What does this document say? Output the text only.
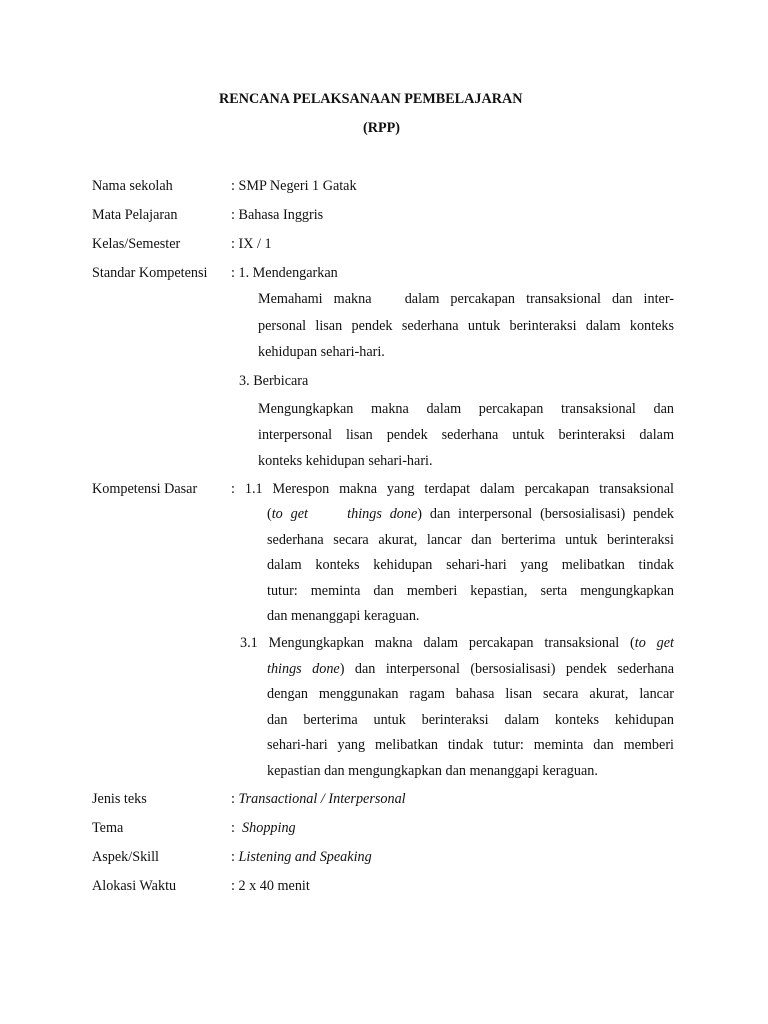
RENCANA PELAKSANAAN PEMBELAJARAN
(RPP)
Nama sekolah	: SMP Negeri 1 Gatak
Mata Pelajaran	: Bahasa Inggris
Kelas/Semester	: IX / 1
Standar Kompetensi : 1. Mendengarkan
Memahami makna   dalam percakapan transaksional dan inter-
personal lisan pendek sederhana untuk berinteraksi dalam konteks
kehidupan sehari-hari.
3. Berbicara
Mengungkapkan makna dalam percakapan transaksional dan
interpersonal lisan pendek sederhana untuk berinteraksi dalam
konteks kehidupan sehari-hari.
Kompetensi Dasar : 1.1 Merespon makna yang terdapat dalam percakapan transaksional
(to get	things done) dan interpersonal (bersosialisasi) pendek
sederhana secara akurat, lancar dan berterima untuk berinteraksi
dalam konteks kehidupan sehari-hari yang melibatkan tindak
tutur: meminta dan memberi kepastian, serta mengungkapkan
dan menanggapi keraguan.
3.1 Mengungkapkan makna dalam percakapan transaksional (to get
things done) dan interpersonal (bersosialisasi) pendek sederhana
dengan menggunakan ragam bahasa lisan secara akurat, lancar
dan berterima untuk berinteraksi dalam konteks kehidupan
sehari-hari yang melibatkan tindak tutur: meminta dan memberi
kepastian dan mengungkapkan dan menanggapi keraguan.
Jenis teks	: Transactional / Interpersonal
Tema	:  Shopping
Aspek/Skill	: Listening and Speaking
Alokasi Waktu	: 2 x 40 menit
